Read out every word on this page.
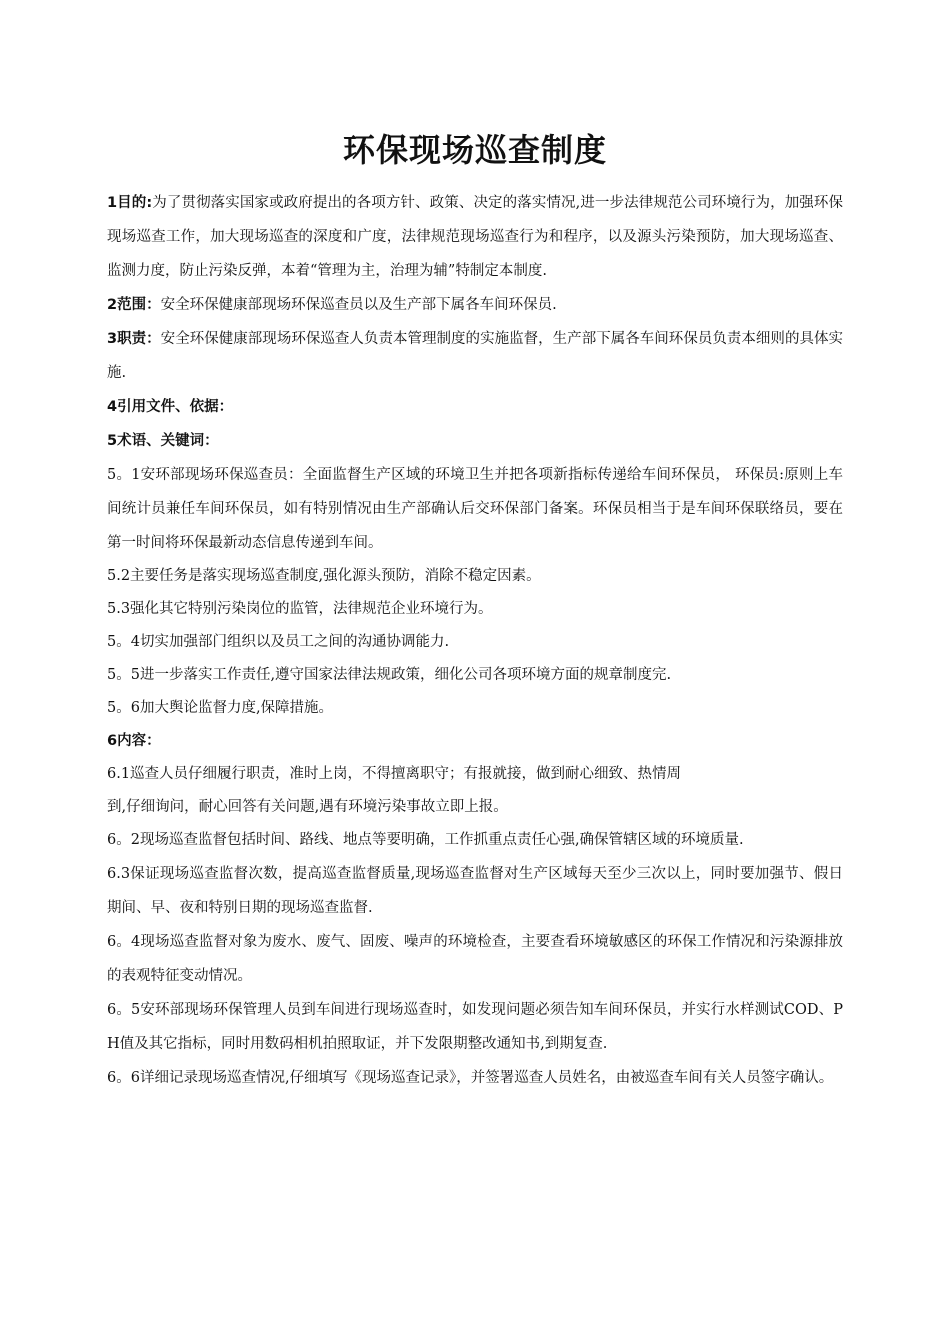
环保现场巡查制度

1目的:为了贯彻落实国家或政府提出的各项方针、政策、决定的落实情况,进一步法律规范公司环境行为，加强环保现场巡查工作，加大现场巡查的深度和广度，法律规范现场巡查行为和程序，以及源头污染预防，加大现场巡查、监测力度，防止污染反弹，本着“管理为主，治理为辅”特制定本制度.

2范围：安全环保健康部现场环保巡查员以及生产部下属各车间环保员.

3职责：安全环保健康部现场环保巡查人负责本管理制度的实施监督，生产部下属各车间环保员负责本细则的具体实施.

4引用文件、依据：

5术语、关键词：

5。1安环部现场环保巡查员：全面监督生产区域的环境卫生并把各项新指标传递给车间环保员， 环保员:原则上车间统计员兼任车间环保员，如有特别情况由生产部确认后交环保部门备案。环保员相当于是车间环保联络员，要在第一时间将环保最新动态信息传递到车间。

5.2主要任务是落实现场巡查制度,强化源头预防，消除不稳定因素。

5.3强化其它特别污染岗位的监管，法律规范企业环境行为。

5。4切实加强部门组织以及员工之间的沟通协调能力.

5。5进一步落实工作责任,遵守国家法律法规政策，细化公司各项环境方面的规章制度完.

5。6加大舆论监督力度,保障措施。

6内容：

6.1巡查人员仔细履行职责，准时上岗，不得擅离职守；有报就接，做到耐心细致、热情周

到,仔细询问，耐心回答有关问题,遇有环境污染事故立即上报。

6。2现场巡查监督包括时间、路线、地点等要明确，工作抓重点责任心强,确保管辖区域的环境质量.

6.3保证现场巡查监督次数，提高巡查监督质量,现场巡查监督对生产区域每天至少三次以上，同时要加强节、假日期间、早、夜和特别日期的现场巡查监督.

6。4现场巡查监督对象为废水、废气、固废、噪声的环境检查，主要查看环境敏感区的环保工作情况和污染源排放的表观特征变动情况。

6。5安环部现场环保管理人员到车间进行现场巡查时，如发现问题必须告知车间环保员，并实行水样测试COD、PH值及其它指标，同时用数码相机拍照取证，并下发限期整改通知书,到期复查.

6。6详细记录现场巡查情况,仔细填写《现场巡查记录》，并签署巡查人员姓名，由被巡查车间有关人员签字确认。
